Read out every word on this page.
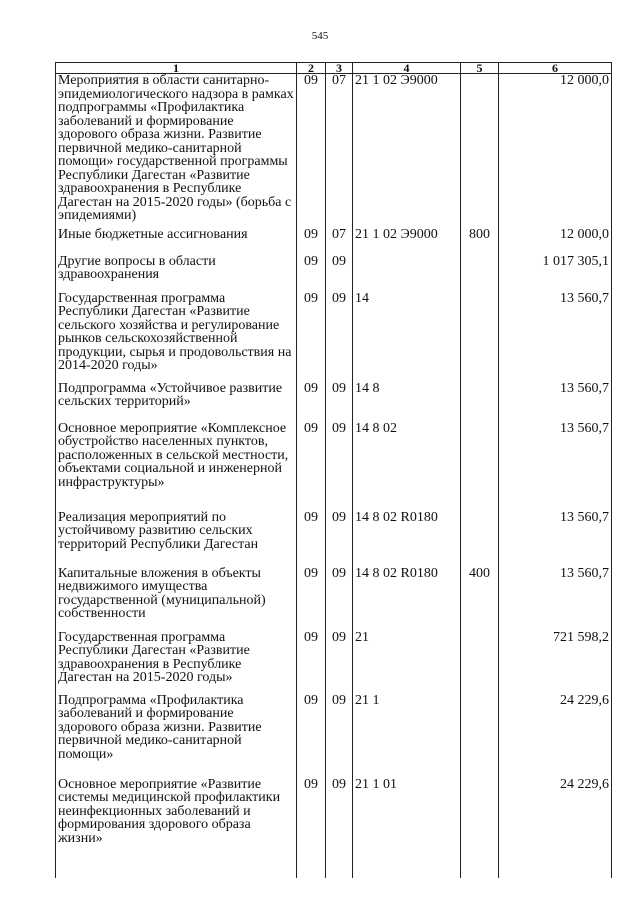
545
1	2	3	4	5	6
Мероприятия в области санитарно-эпидемиологического надзора в рамках подпрограммы «Профилактика заболеваний и формирование здорового образа жизни. Развитие первичной медико-санитарной помощи» государственной программы Республики Дагестан «Развитие здравоохранения в Республике Дагестан на 2015-2020 годы» (борьба с эпидемиями)	09	07	21 1 02 Э9000		12 000,0
Иные бюджетные ассигнования	09	07	21 1 02 Э9000	800	12 000,0
Другие вопросы в области здравоохранения	09	09			1 017 305,1
Государственная программа Республики Дагестан «Развитие сельского хозяйства и регулирование рынков сельскохозяйственной продукции, сырья и продовольствия на 2014-2020 годы»	09	09	14		13 560,7
Подпрограмма «Устойчивое развитие сельских территорий»	09	09	14 8		13 560,7
Основное мероприятие «Комплексное обустройство населенных пунктов, расположенных в сельской местности, объектами социальной и инженерной инфраструктуры»	09	09	14 8 02		13 560,7
Реализация мероприятий по устойчивому развитию сельских территорий Республики Дагестан	09	09	14 8 02 R0180		13 560,7
Капитальные вложения в объекты недвижимого имущества государственной (муниципальной) собственности	09	09	14 8 02 R0180	400	13 560,7
Государственная программа Республики Дагестан «Развитие здравоохранения в Республике Дагестан на 2015-2020 годы»	09	09	21		721 598,2
Подпрограмма «Профилактика заболеваний и формирование здорового образа жизни. Развитие первичной медико-санитарной помощи»	09	09	21 1		24 229,6
Основное мероприятие «Развитие системы медицинской профилактики неинфекционных заболеваний и формирования здорового образа жизни»	09	09	21 1 01		24 229,6
